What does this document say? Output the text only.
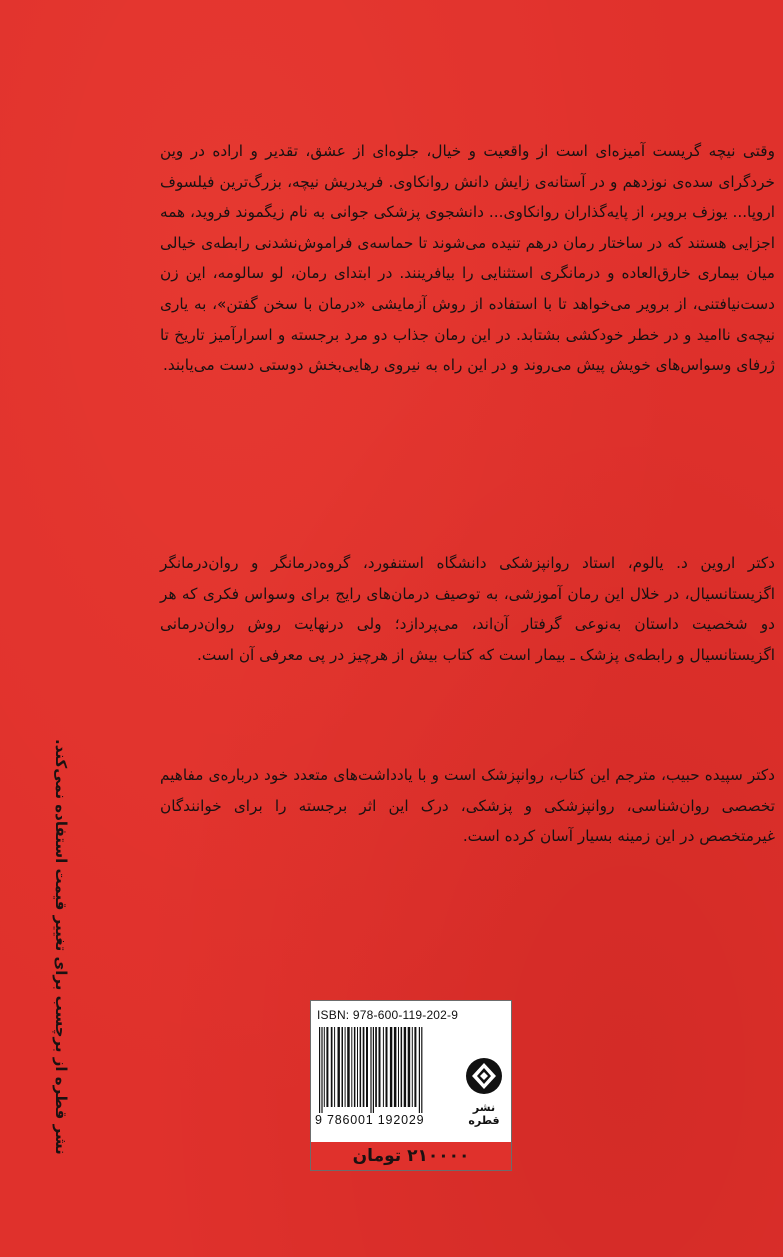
وقتی نیچه گریست آمیزه‌ای است از واقعیت و خیال، جلوه‌ای از عشق، تقدیر و اراده در وین خردگرای سده‌ی نوزدهم و در آستانه‌ی زایش دانش روانکاوی. فریدریش نیچه، بزرگ‌ترین فیلسوف اروپا... یوزف برویر، از پایه‌گذاران روانکاوی... دانشجوی پزشکی جوانی به نام زیگموند فروید، همه اجزایی هستند که در ساختار رمان درهم تنیده می‌شوند تا حماسه‌ی فراموش‌نشدنی رابطه‌ی خیالی میان بیماری خارق‌العاده و درمانگری استثنایی را بیافرینند. در ابتدای رمان، لو سالومه، این زن دست‌نیافتنی، از برویر می‌خواهد تا با استفاده از روش آزمایشی «درمان با سخن گفتن»، به یاری نیچه‌ی ناامید و در خطر خودکشی بشتابد. در این رمان جذاب دو مرد برجسته و اسرارآمیز تاریخ تا ژرفای وسواس‌های خویش پیش می‌روند و در این راه به نیروی رهایی‌بخش دوستی دست می‌یابند.

دکتر اروین د. یالوم، استاد روانپزشکی دانشگاه استنفورد، گروه‌درمانگر و روان‌درمانگر اگزیستانسیال، در خلال این رمان آموزشی، به توصیف درمان‌های رایج برای وسواس فکری که هر دو شخصیت داستان به‌نوعی گرفتار آن‌اند، می‌پردازد؛ ولی درنهایت روش روان‌درمانی اگزیستانسیال و رابطه‌ی پزشک ـ بیمار است که کتاب بیش از هرچیز در پی معرفی آن است.

دکتر سپیده حبیب، مترجم این کتاب، روانپزشک است و با یادداشت‌های متعدد خود درباره‌ی مفاهیم تخصصی روان‌شناسی، روانپزشکی و پزشکی، درک این اثر برجسته را برای خوانندگان غیرمتخصص در این زمینه بسیار آسان کرده است.

نشر قطره از برچسب برای تغییر قیمت استفاده نمی‌کند.	ISBN: 978-600-119-202-9
9 786001 192029
نشر قطره
۲۱۰۰۰۰ تومان
